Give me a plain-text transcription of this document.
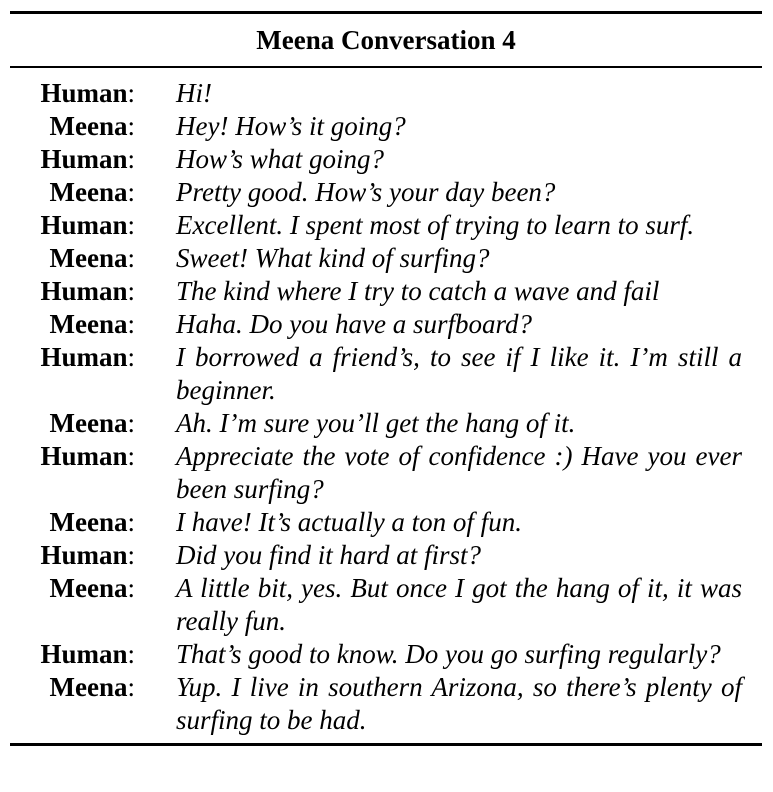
Meena Conversation 4
Human: Hi!
Meena: Hey! How’s it going?
Human: How’s what going?
Meena: Pretty good. How’s your day been?
Human: Excellent. I spent most of trying to learn to surf.
Meena: Sweet! What kind of surfing?
Human: The kind where I try to catch a wave and fail
Meena: Haha. Do you have a surfboard?
Human: I borrowed a friend’s, to see if I like it. I’m still a beginner.
Meena: Ah. I’m sure you’ll get the hang of it.
Human: Appreciate the vote of confidence :) Have you ever been surfing?
Meena: I have! It’s actually a ton of fun.
Human: Did you find it hard at first?
Meena: A little bit, yes. But once I got the hang of it, it was really fun.
Human: That’s good to know. Do you go surfing regularly?
Meena: Yup. I live in southern Arizona, so there’s plenty of surfing to be had.
